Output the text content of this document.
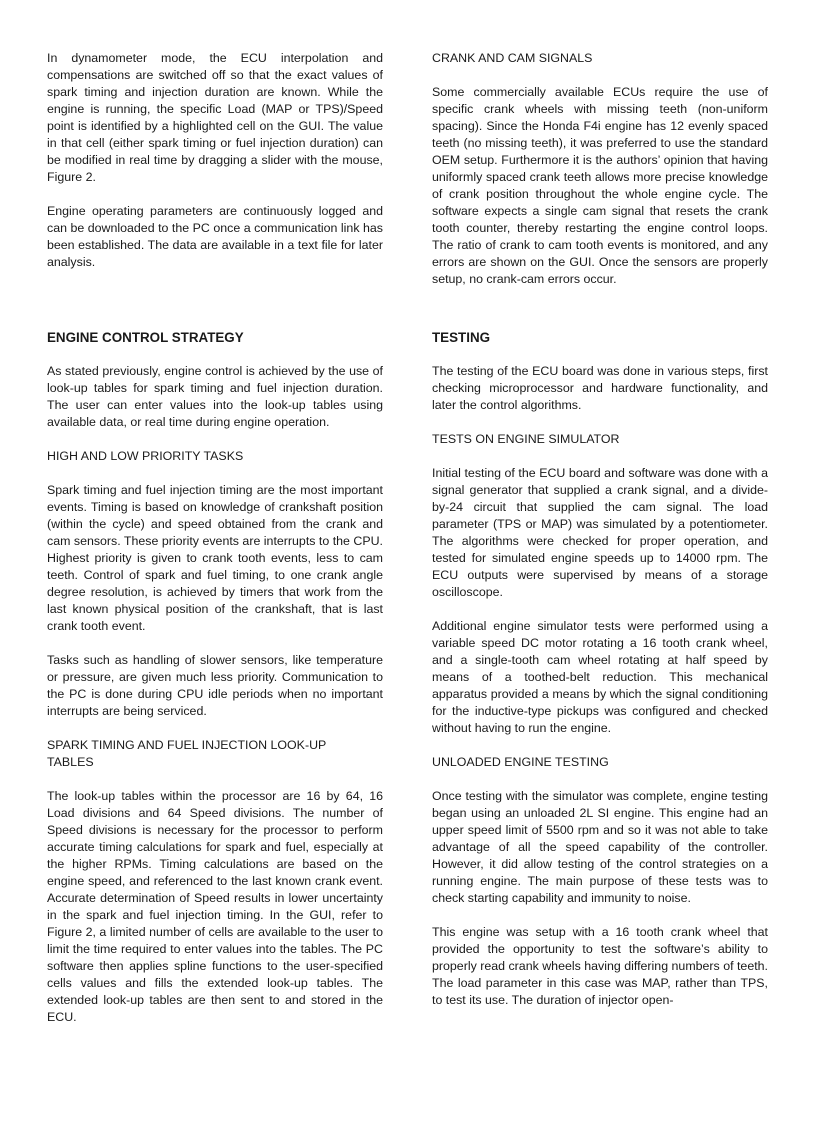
In dynamometer mode, the ECU interpolation and compensations are switched off so that the exact values of spark timing and injection duration are known. While the engine is running, the specific Load (MAP or TPS)/Speed point is identified by a highlighted cell on the GUI. The value in that cell (either spark timing or fuel injection duration) can be modified in real time by dragging a slider with the mouse, Figure 2.

Engine operating parameters are continuously logged and can be downloaded to the PC once a communication link has been established. The data are available in a text file for later analysis.

ENGINE CONTROL STRATEGY

As stated previously, engine control is achieved by the use of look-up tables for spark timing and fuel injection duration. The user can enter values into the look-up tables using available data, or real time during engine operation.

HIGH AND LOW PRIORITY TASKS

Spark timing and fuel injection timing are the most important events. Timing is based on knowledge of crankshaft position (within the cycle) and speed obtained from the crank and cam sensors. These priority events are interrupts to the CPU. Highest priority is given to crank tooth events, less to cam teeth. Control of spark and fuel timing, to one crank angle degree resolution, is achieved by timers that work from the last known physical position of the crankshaft, that is last crank tooth event.

Tasks such as handling of slower sensors, like temperature or pressure, are given much less priority. Communication to the PC is done during CPU idle periods when no important interrupts are being serviced.

SPARK TIMING AND FUEL INJECTION LOOK-UP TABLES

The look-up tables within the processor are 16 by 64, 16 Load divisions and 64 Speed divisions. The number of Speed divisions is necessary for the processor to perform accurate timing calculations for spark and fuel, especially at the higher RPMs. Timing calculations are based on the engine speed, and referenced to the last known crank event. Accurate determination of Speed results in lower uncertainty in the spark and fuel injection timing. In the GUI, refer to Figure 2, a limited number of cells are available to the user to limit the time required to enter values into the tables. The PC software then applies spline functions to the user-specified cells values and fills the extended look-up tables. The extended look-up tables are then sent to and stored in the ECU.

CRANK AND CAM SIGNALS

Some commercially available ECUs require the use of specific crank wheels with missing teeth (non-uniform spacing). Since the Honda F4i engine has 12 evenly spaced teeth (no missing teeth), it was preferred to use the standard OEM setup. Furthermore it is the authors’ opinion that having uniformly spaced crank teeth allows more precise knowledge of crank position throughout the whole engine cycle. The software expects a single cam signal that resets the crank tooth counter, thereby restarting the engine control loops. The ratio of crank to cam tooth events is monitored, and any errors are shown on the GUI. Once the sensors are properly setup, no crank-cam errors occur.

TESTING

The testing of the ECU board was done in various steps, first checking microprocessor and hardware functionality, and later the control algorithms.

TESTS ON ENGINE SIMULATOR

Initial testing of the ECU board and software was done with a signal generator that supplied a crank signal, and a divide-by-24 circuit that supplied the cam signal. The load parameter (TPS or MAP) was simulated by a potentiometer. The algorithms were checked for proper operation, and tested for simulated engine speeds up to 14000 rpm. The ECU outputs were supervised by means of a storage oscilloscope.

Additional engine simulator tests were performed using a variable speed DC motor rotating a 16 tooth crank wheel, and a single-tooth cam wheel rotating at half speed by means of a toothed-belt reduction. This mechanical apparatus provided a means by which the signal conditioning for the inductive-type pickups was configured and checked without having to run the engine.

UNLOADED ENGINE TESTING

Once testing with the simulator was complete, engine testing began using an unloaded 2L SI engine. This engine had an upper speed limit of 5500 rpm and so it was not able to take advantage of all the speed capability of the controller. However, it did allow testing of the control strategies on a running engine. The main purpose of these tests was to check starting capability and immunity to noise.

This engine was setup with a 16 tooth crank wheel that provided the opportunity to test the software’s ability to properly read crank wheels having differing numbers of teeth. The load parameter in this case was MAP, rather than TPS, to test its use. The duration of injector open-
